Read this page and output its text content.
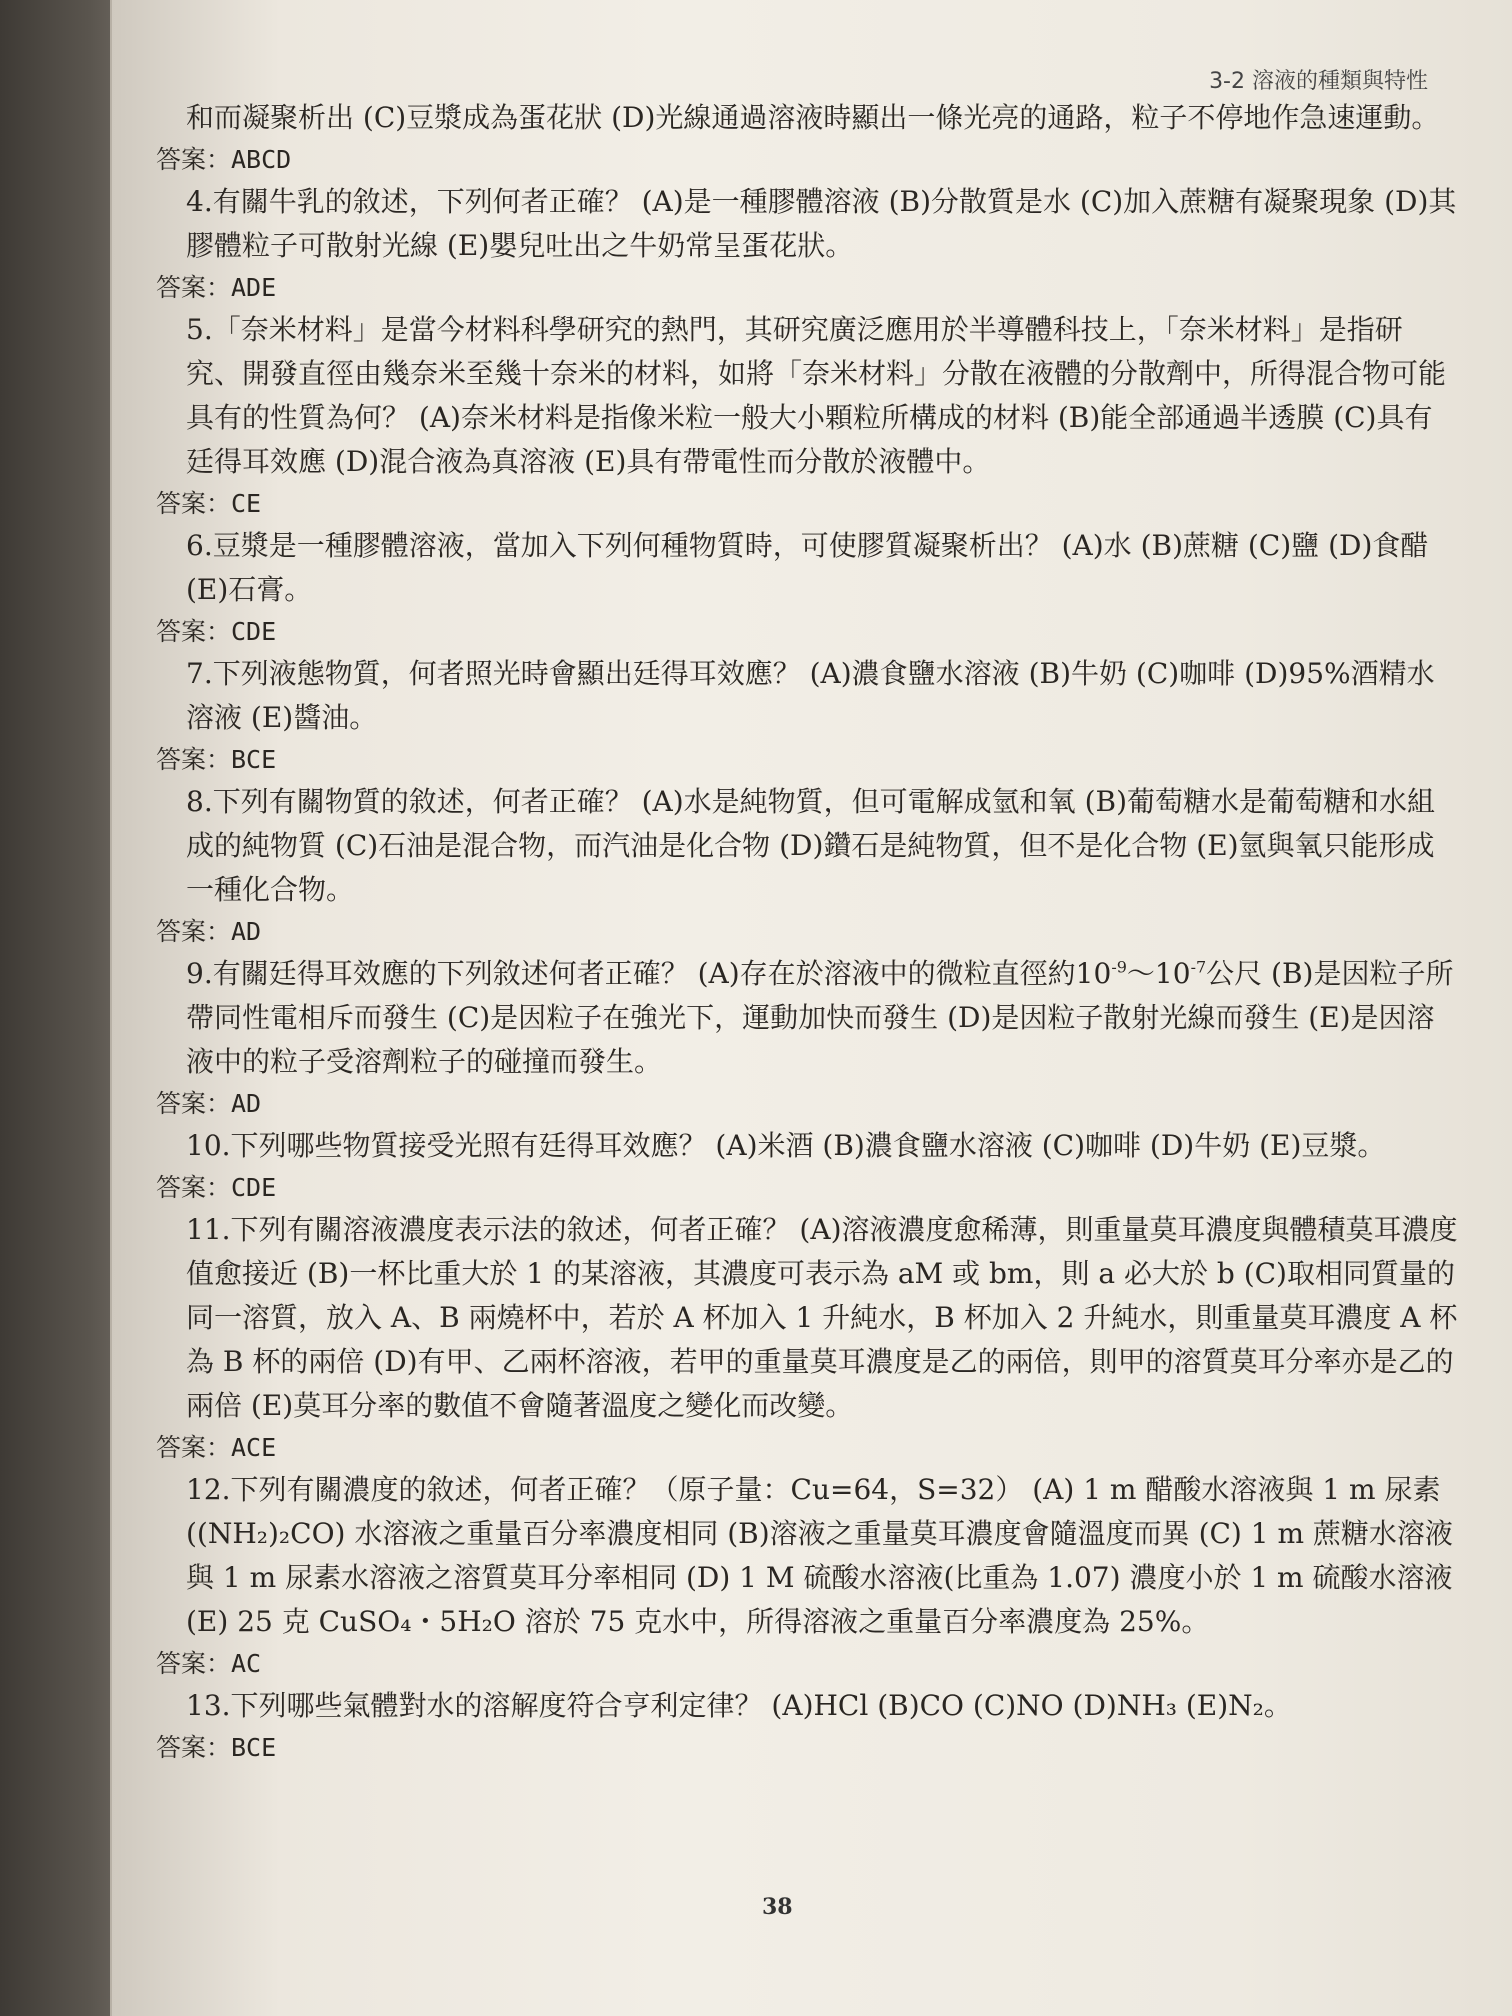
3-2 溶液的種類與特性

和而凝聚析出 (C)豆漿成為蛋花狀 (D)光線通過溶液時顯出一條光亮的通路，粒子不停地作急速運動。

答案：ABCD

4.有關牛乳的敘述，下列何者正確？ (A)是一種膠體溶液 (B)分散質是水 (C)加入蔗糖有凝聚現象 (D)其膠體粒子可散射光線 (E)嬰兒吐出之牛奶常呈蛋花狀。

答案：ADE

5.「奈米材料」是當今材料科學研究的熱門，其研究廣泛應用於半導體科技上，「奈米材料」是指研究、開發直徑由幾奈米至幾十奈米的材料，如將「奈米材料」分散在液體的分散劑中，所得混合物可能具有的性質為何？ (A)奈米材料是指像米粒一般大小顆粒所構成的材料 (B)能全部通過半透膜 (C)具有廷得耳效應 (D)混合液為真溶液 (E)具有帶電性而分散於液體中。

答案：CE

6.豆漿是一種膠體溶液，當加入下列何種物質時，可使膠質凝聚析出？ (A)水 (B)蔗糖 (C)鹽 (D)食醋 (E)石膏。

答案：CDE

7.下列液態物質，何者照光時會顯出廷得耳效應？ (A)濃食鹽水溶液 (B)牛奶 (C)咖啡 (D)95%酒精水溶液 (E)醬油。

答案：BCE

8.下列有關物質的敘述，何者正確？ (A)水是純物質，但可電解成氫和氧 (B)葡萄糖水是葡萄糖和水組成的純物質 (C)石油是混合物，而汽油是化合物 (D)鑽石是純物質，但不是化合物 (E)氫與氧只能形成一種化合物。

答案：AD

9.有關廷得耳效應的下列敘述何者正確？ (A)存在於溶液中的微粒直徑約$10^{-9}\sim 10^{-7}$公尺 (B)是因粒子所帶同性電相斥而發生 (C)是因粒子在強光下，運動加快而發生 (D)是因粒子散射光線而發生 (E)是因溶液中的粒子受溶劑粒子的碰撞而發生。

答案：AD

10.下列哪些物質接受光照有廷得耳效應？ (A)米酒 (B)濃食鹽水溶液 (C)咖啡 (D)牛奶 (E)豆漿。

答案：CDE

11.下列有關溶液濃度表示法的敘述，何者正確？ (A)溶液濃度愈稀薄，則重量莫耳濃度與體積莫耳濃度值愈接近 (B)一杯比重大於 1 的某溶液，其濃度可表示為 aM 或 bm，則 a 必大於 b (C)取相同質量的同一溶質，放入 A、B 兩燒杯中，若於 A 杯加入 1 升純水，B 杯加入 2 升純水，則重量莫耳濃度 A 杯為 B 杯的兩倍 (D)有甲、乙兩杯溶液，若甲的重量莫耳濃度是乙的兩倍，則甲的溶質莫耳分率亦是乙的兩倍 (E)莫耳分率的數值不會隨著溫度之變化而改變。

答案：ACE

12.下列有關濃度的敘述，何者正確？（原子量：Cu=64，S=32） (A) 1 m 醋酸水溶液與 1 m 尿素((NH₂)₂CO) 水溶液之重量百分率濃度相同 (B)溶液之重量莫耳濃度會隨溫度而異 (C) 1 m 蔗糖水溶液與 1 m 尿素水溶液之溶質莫耳分率相同 (D) 1 M 硫酸水溶液(比重為 1.07) 濃度小於 1 m 硫酸水溶液 (E) 25 克 CuSO₄・5H₂O 溶於 75 克水中，所得溶液之重量百分率濃度為 25%。

答案：AC

13.下列哪些氣體對水的溶解度符合亨利定律？ (A)HCl (B)CO (C)NO (D)NH₃ (E)N₂。

答案：BCE

38
